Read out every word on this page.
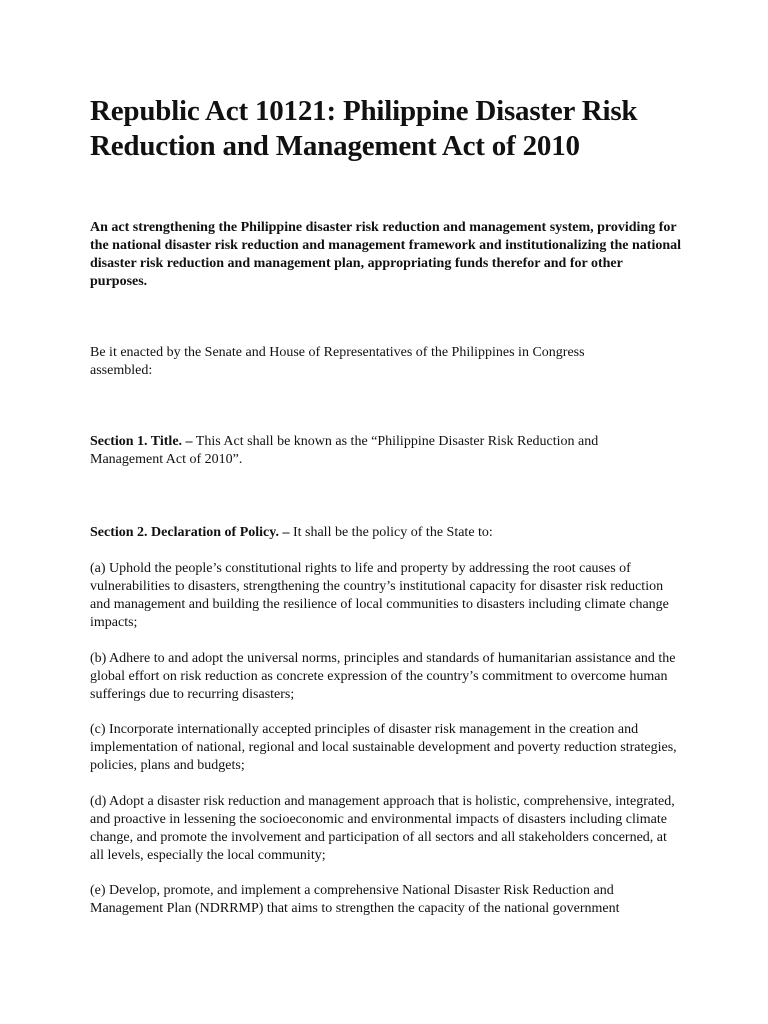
Republic Act 10121: Philippine Disaster Risk Reduction and Management Act of 2010

An act strengthening the Philippine disaster risk reduction and management system, providing for the national disaster risk reduction and management framework and institutionalizing the national disaster risk reduction and management plan, appropriating funds therefor and for other purposes.

Be it enacted by the Senate and House of Representatives of the Philippines in Congress assembled:

Section 1. Title. – This Act shall be known as the “Philippine Disaster Risk Reduction and Management Act of 2010”.

Section 2. Declaration of Policy. – It shall be the policy of the State to:

(a) Uphold the people’s constitutional rights to life and property by addressing the root causes of vulnerabilities to disasters, strengthening the country’s institutional capacity for disaster risk reduction and management and building the resilience of local communities to disasters including climate change impacts;

(b) Adhere to and adopt the universal norms, principles and standards of humanitarian assistance and the global effort on risk reduction as concrete expression of the country’s commitment to overcome human sufferings due to recurring disasters;

(c) Incorporate internationally accepted principles of disaster risk management in the creation and implementation of national, regional and local sustainable development and poverty reduction strategies, policies, plans and budgets;

(d) Adopt a disaster risk reduction and management approach that is holistic, comprehensive, integrated, and proactive in lessening the socioeconomic and environmental impacts of disasters including climate change, and promote the involvement and participation of all sectors and all stakeholders concerned, at all levels, especially the local community;

(e) Develop, promote, and implement a comprehensive National Disaster Risk Reduction and Management Plan (NDRRMP) that aims to strengthen the capacity of the national government
